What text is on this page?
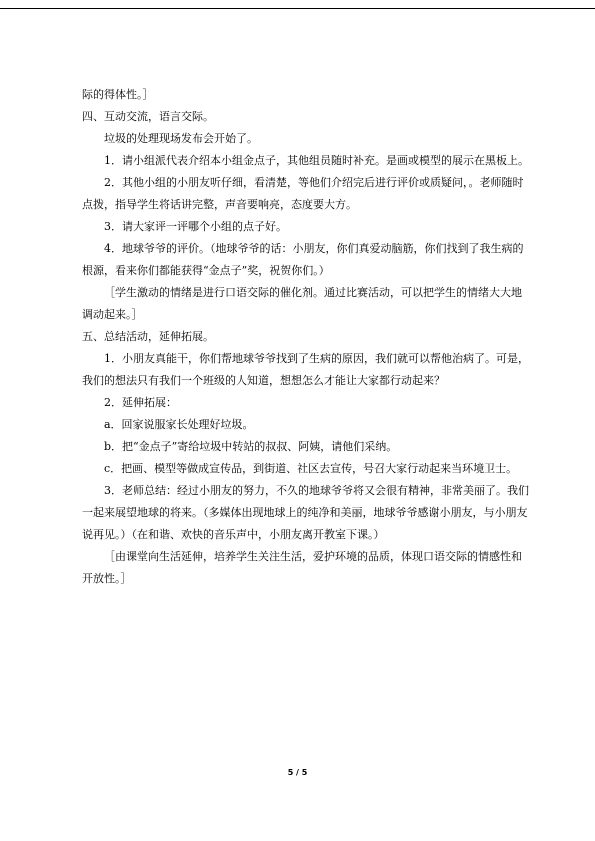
际的得体性。］

四、互动交流，语言交际。

垃圾的处理现场发布会开始了。

1．请小组派代表介绍本小组金点子，其他组员随时补充。是画或模型的展示在黑板上。

2．其他小组的小朋友听仔细，看清楚，等他们介绍完后进行评价或质疑问，。老师随时点拨，指导学生将话讲完整，声音要响亮，态度要大方。

3．请大家评一评哪个小组的点子好。

4．地球爷爷的评价。（地球爷爷的话：小朋友，你们真爱动脑筋，你们找到了我生病的根源，看来你们都能获得“金点子”奖，祝贺你们。）

［学生激动的情绪是进行口语交际的催化剂。通过比赛活动，可以把学生的情绪大大地调动起来。］

五、总结活动，延伸拓展。

1．小朋友真能干，你们帮地球爷爷找到了生病的原因，我们就可以帮他治病了。可是，我们的想法只有我们一个班级的人知道，想想怎么才能让大家都行动起来？

2．延伸拓展：

a．回家说服家长处理好垃圾。

b．把“金点子”寄给垃圾中转站的叔叔、阿姨，请他们采纳。

c．把画、模型等做成宣传品，到街道、社区去宣传，号召大家行动起来当环境卫士。

3．老师总结：经过小朋友的努力，不久的地球爷爷将又会很有精神，非常美丽了。我们一起来展望地球的将来。（多媒体出现地球上的纯净和美丽，地球爷爷感谢小朋友，与小朋友说再见。）（在和谐、欢快的音乐声中，小朋友离开教室下课。）

［由课堂向生活延伸，培养学生关注生活，爱护环境的品质，体现口语交际的情感性和开放性。］

5 / 5
